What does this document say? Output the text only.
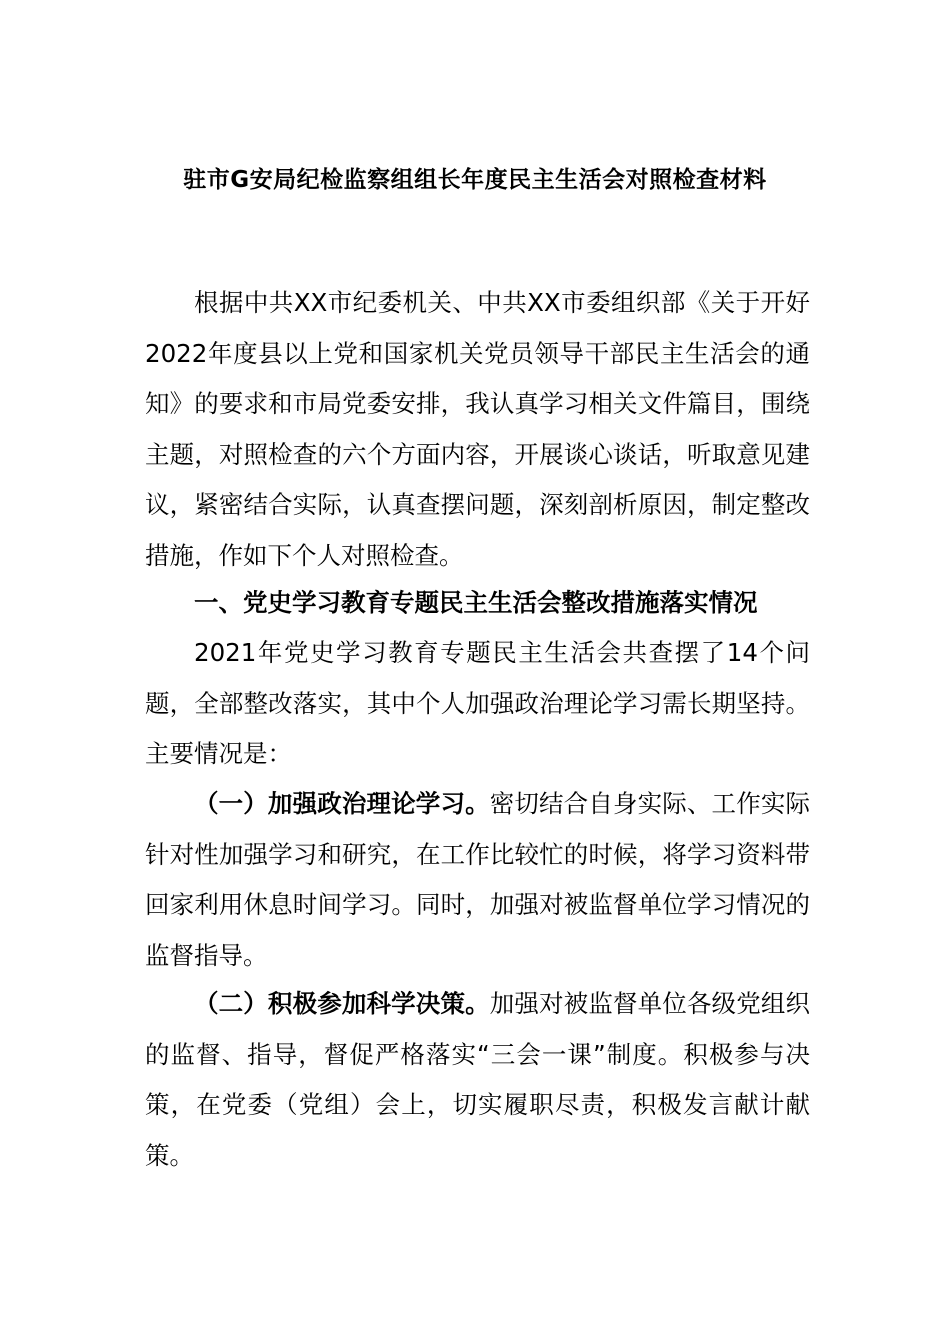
驻市G安局纪检监察组组长年度民主生活会对照检查材料

根据中共XX市纪委机关、中共XX市委组织部《关于开好2022年度县以上党和国家机关党员领导干部民主生活会的通知》的要求和市局党委安排，我认真学习相关文件篇目，围绕主题，对照检查的六个方面内容，开展谈心谈话，听取意见建议，紧密结合实际，认真查摆问题，深刻剖析原因，制定整改措施，作如下个人对照检查。

一、党史学习教育专题民主生活会整改措施落实情况

2021年党史学习教育专题民主生活会共查摆了14个问题，全部整改落实，其中个人加强政治理论学习需长期坚持。主要情况是：

（一）加强政治理论学习。密切结合自身实际、工作实际针对性加强学习和研究，在工作比较忙的时候，将学习资料带回家利用休息时间学习。同时，加强对被监督单位学习情况的监督指导。

（二）积极参加科学决策。加强对被监督单位各级党组织的监督、指导，督促严格落实“三会一课”制度。积极参与决策，在党委（党组）会上，切实履职尽责，积极发言献计献策。
